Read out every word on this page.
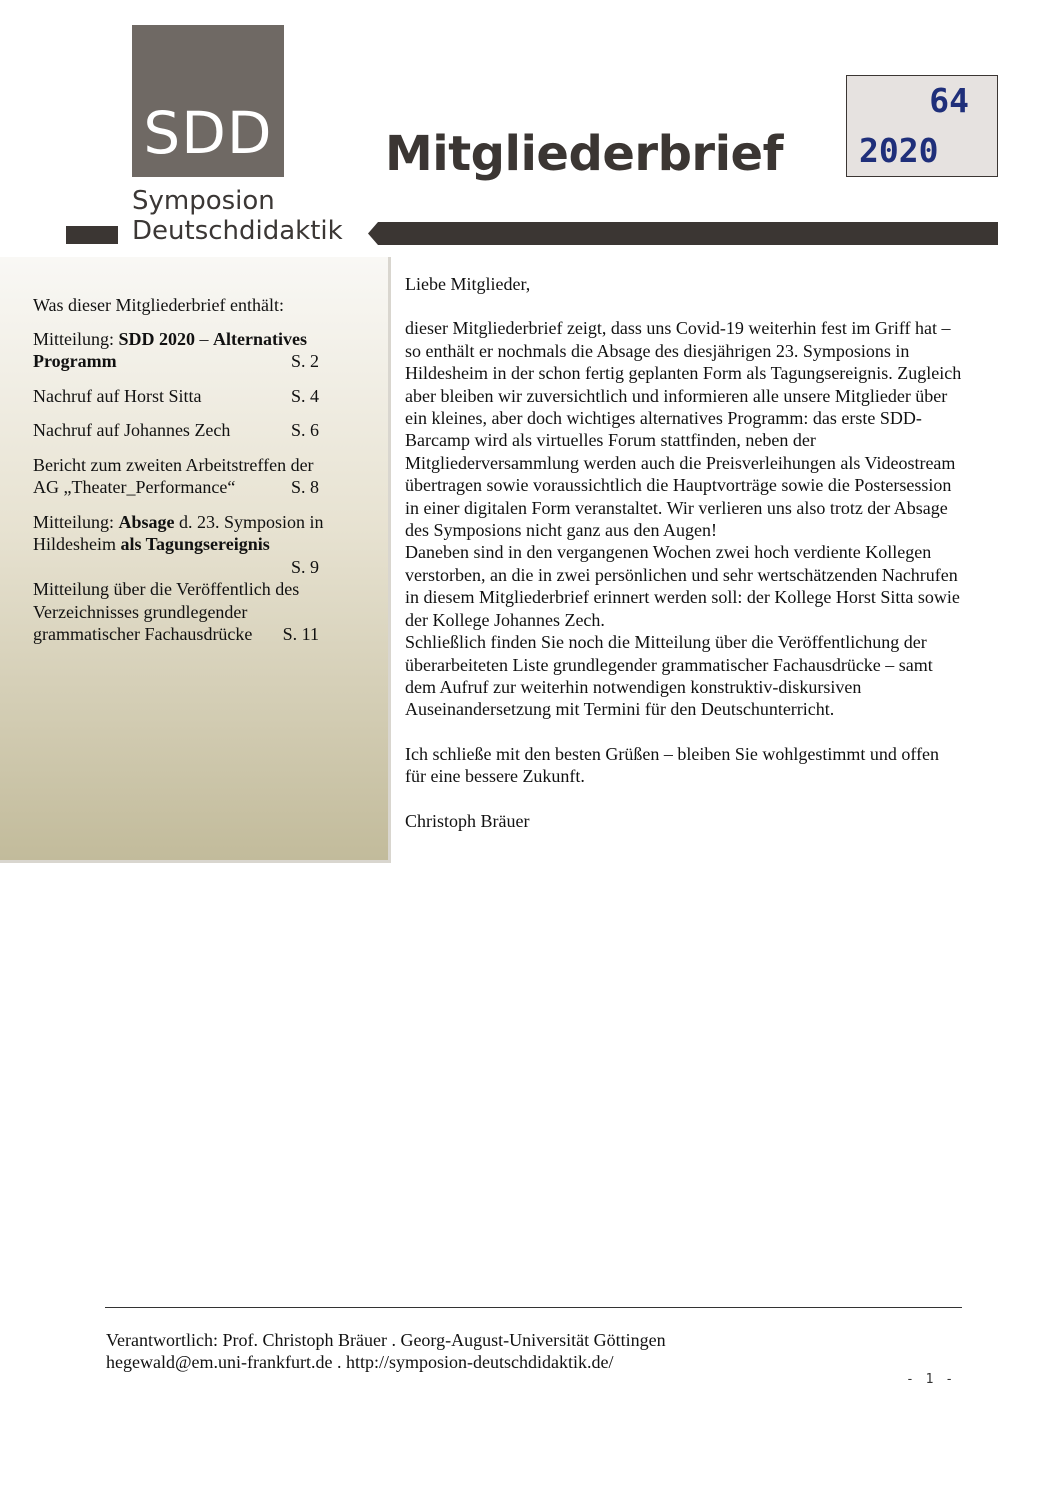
SDD
Symposion
Deutschdidaktik
Mitgliederbrief
64
2020
Was dieser Mitgliederbrief enthält:
Mitteilung: SDD 2020 – Alternatives Programm	S. 2
Nachruf auf Horst Sitta	S. 4
Nachruf auf Johannes Zech	S. 6
Bericht zum zweiten Arbeitstreffen der AG „Theater_Performance“	S. 8
Mitteilung: Absage d. 23. Symposion in Hildesheim als Tagungsereignis
S. 9
Mitteilung über die Veröffentlich des Verzeichnisses grundlegender grammatischer Fachausdrücke S. 11

Liebe Mitglieder,

dieser Mitgliederbrief zeigt, dass uns Covid-19 weiterhin fest im Griff hat – so enthält er nochmals die Absage des diesjährigen 23. Symposions in Hildesheim in der schon fertig geplanten Form als Tagungsereignis. Zugleich aber bleiben wir zuversichtlich und informieren alle unsere Mitglieder über ein kleines, aber doch wichtiges alternatives Programm: das erste SDD-Barcamp wird als virtuelles Forum stattfinden, neben der Mitgliederversammlung werden auch die Preisverleihungen als Videostream übertragen sowie voraussichtlich die Hauptvorträge sowie die Postersession in einer digitalen Form veranstaltet. Wir verlieren uns also trotz der Absage des Symposions nicht ganz aus den Augen!

Daneben sind in den vergangenen Wochen zwei hoch verdiente Kollegen verstorben, an die in zwei persönlichen und sehr wertschätzenden Nachrufen in diesem Mitgliederbrief erinnert werden soll: der Kollege Horst Sitta sowie der Kollege Johannes Zech.

Schließlich finden Sie noch die Mitteilung über die Veröffentlichung der überarbeiteten Liste grundlegender grammatischer Fachausdrücke – samt dem Aufruf zur weiterhin notwendigen konstruktiv-diskursiven Auseinandersetzung mit Termini für den Deutschunterricht.

Ich schließe mit den besten Grüßen – bleiben Sie wohlgestimmt und offen für eine bessere Zukunft.

Christoph Bräuer

Verantwortlich: Prof. Christoph Bräuer . Georg-August-Universität Göttingen
hegewald@em.uni-frankfurt.de . http://symposion-deutschdidaktik.de/
- 1 -
